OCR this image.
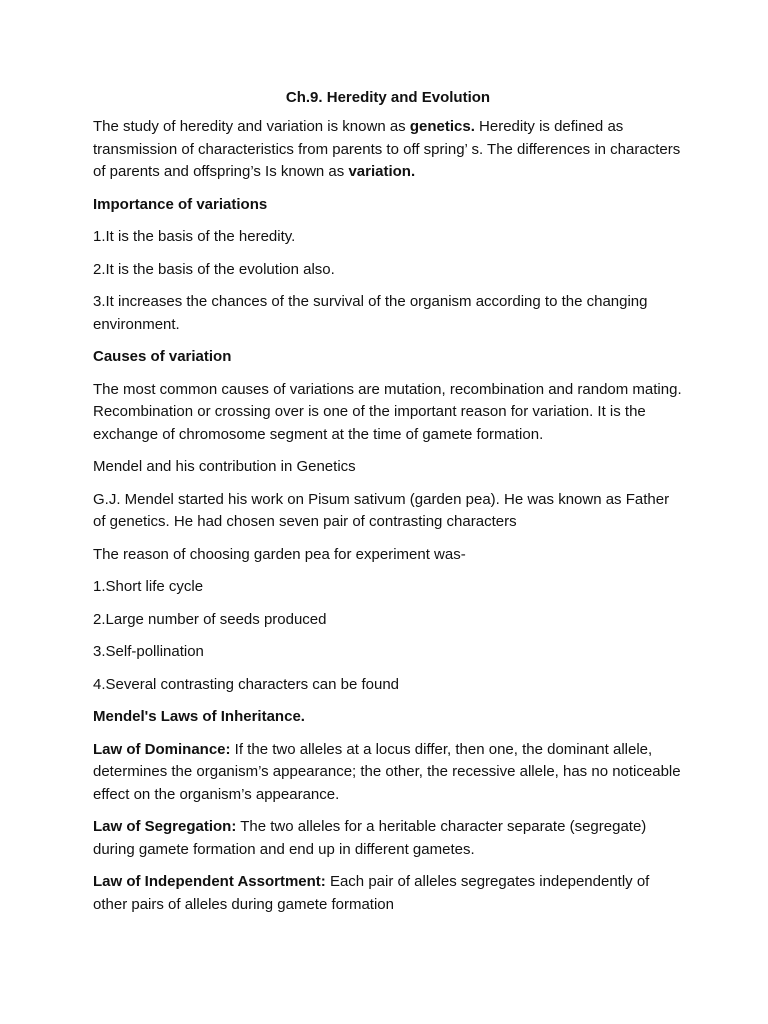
Ch.9. Heredity and Evolution

The study of heredity and variation is known as genetics. Heredity is defined as transmission of characteristics from parents to off spring’ s. The differences in characters of parents and offspring’s Is known as variation.

Importance of variations

1.It is the basis of the heredity.

2.It is the basis of the evolution also.

3.It increases the chances of the survival of the organism according to the changing environment.

Causes of variation

The most common causes of variations are mutation, recombination and random mating. Recombination or crossing over is one of the important reason for variation. It is the exchange of chromosome segment at the time of gamete formation.

Mendel and his contribution in Genetics

G.J. Mendel started his work on Pisum sativum (garden pea). He was known as Father of genetics. He had chosen seven pair of contrasting characters

The reason of choosing garden pea for experiment was-

1.Short life cycle

2.Large number of seeds produced

3.Self-pollination

4.Several contrasting characters can be found

Mendel's Laws of Inheritance.

Law of Dominance: If the two alleles at a locus differ, then one, the dominant allele, determines the organism’s appearance; the other, the recessive allele, has no noticeable effect on the organism’s appearance.

Law of Segregation: The two alleles for a heritable character separate (segregate) during gamete formation and end up in different gametes.

Law of Independent Assortment: Each pair of alleles segregates independently of other pairs of alleles during gamete formation
